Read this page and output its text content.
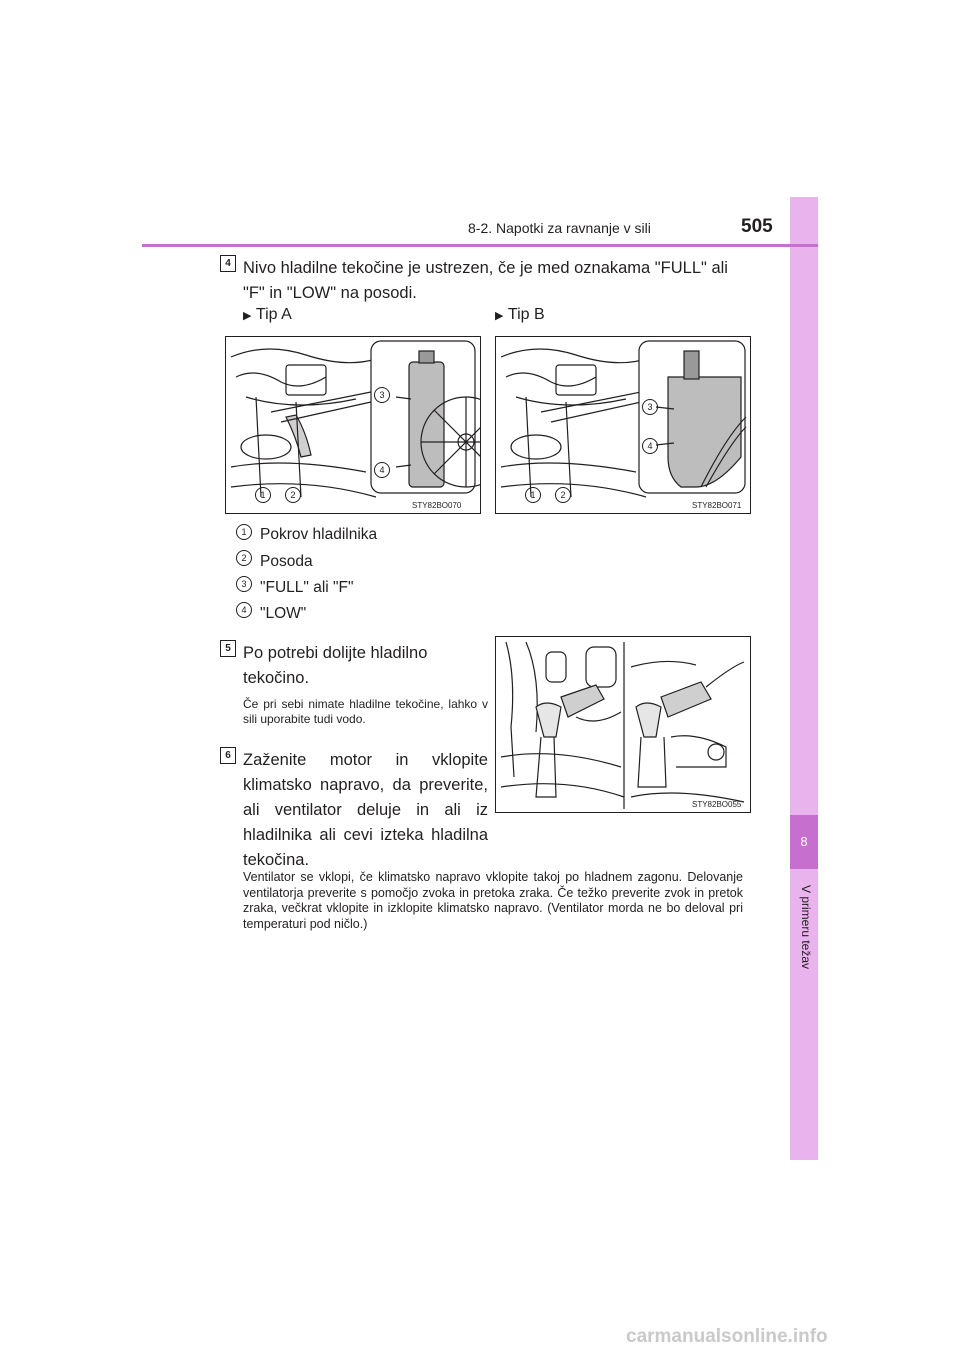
8
V primeru težav
8-2. Napotki za ravnanje v sili	505
4 Nivo hladilne tekočine je ustrezen, če je med oznakama "FULL" ali
"F" in "LOW" na posodi.
▶ Tip A	▶ Tip B
3
4
1	2
STY82BO070
3
4
1	2
STY82BO071
1 Pokrov hladilnika
2 Posoda
3 "FULL" ali "F"
4 "LOW"
5 Po potrebi dolijte hladilno
tekočino.
Če pri sebi nimate hladilne tekočine, lahko v sili uporabite tudi vodo.
STY82BO055
6 Zaženite motor in vklopite klimatsko napravo, da preverite, ali ventilator deluje in ali iz hladilnika ali cevi izteka hladilna tekočina.
Ventilator se vklopi, če klimatsko napravo vklopite takoj po hladnem zagonu. Delovanje ventilatorja preverite s pomočjo zvoka in pretoka zraka. Če težko preverite zvok in pretok zraka, večkrat vklopite in izklopite klimatsko napravo. (Ventilator morda ne bo deloval pri temperaturi pod ničlo.)
carmanualsonline.info
